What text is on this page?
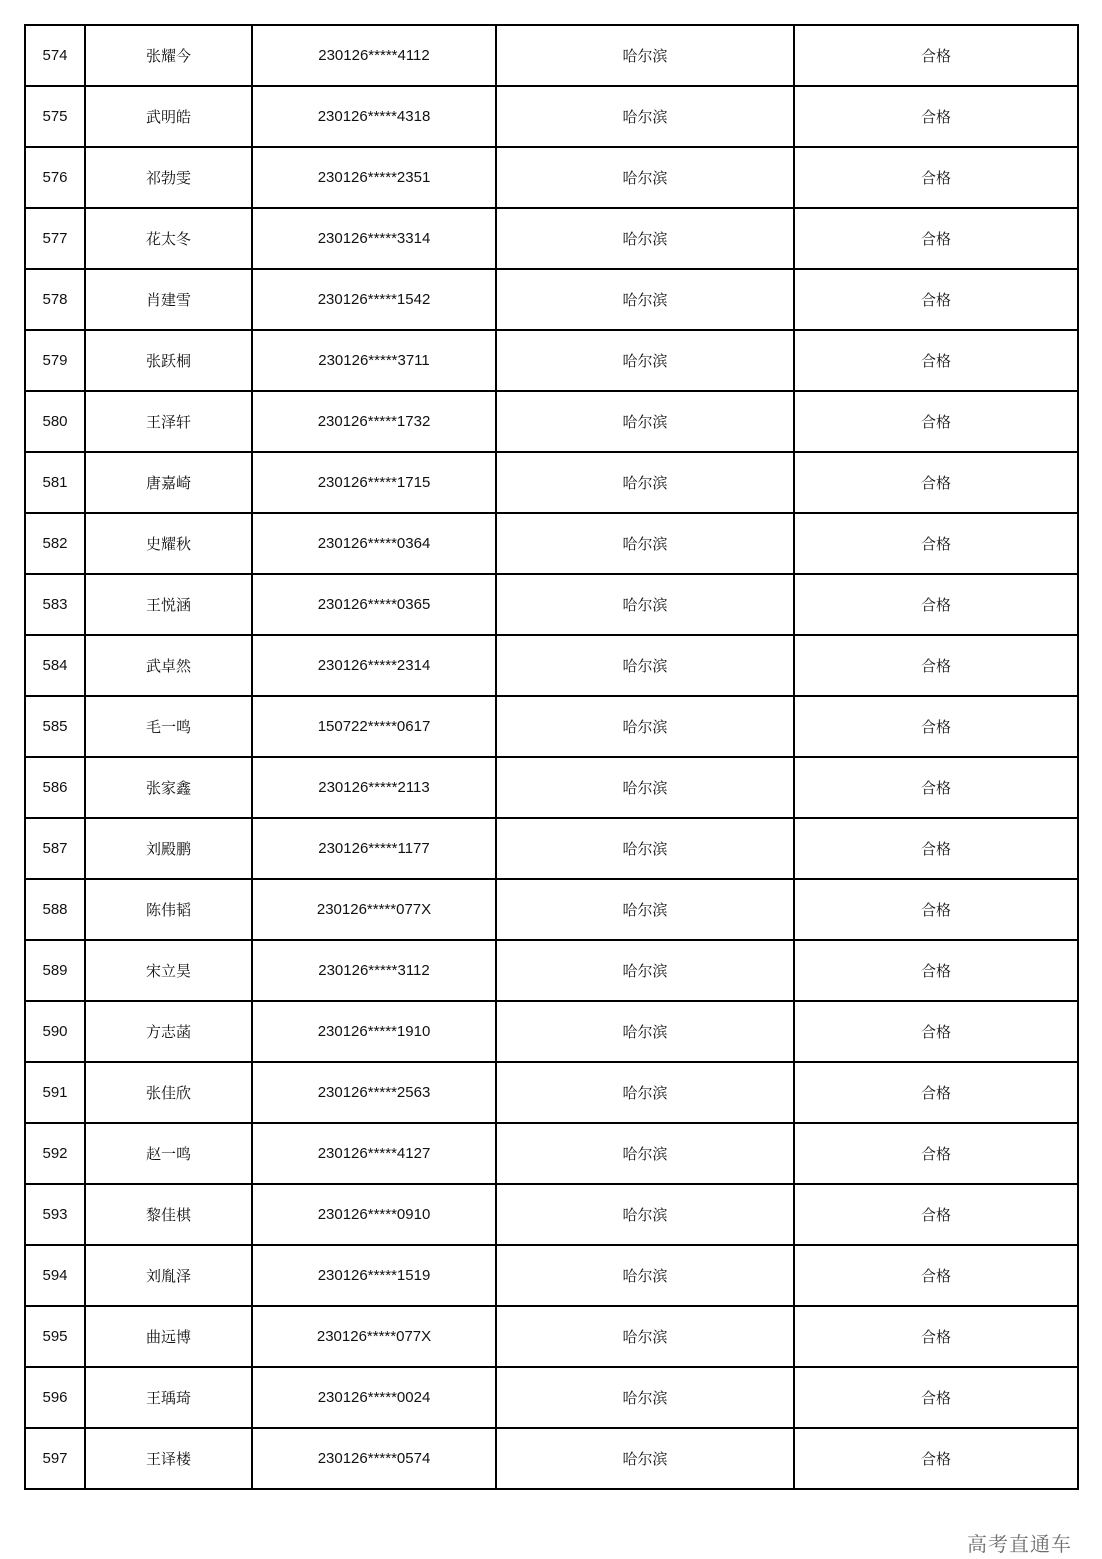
574	张耀今	230126*****4112	哈尔滨	合格
575	武明皓	230126*****4318	哈尔滨	合格
576	祁勃雯	230126*****2351	哈尔滨	合格
577	花太冬	230126*****3314	哈尔滨	合格
578	肖建雪	230126*****1542	哈尔滨	合格
579	张跃桐	230126*****3711	哈尔滨	合格
580	王泽轩	230126*****1732	哈尔滨	合格
581	唐嘉崎	230126*****1715	哈尔滨	合格
582	史耀秋	230126*****0364	哈尔滨	合格
583	王悦涵	230126*****0365	哈尔滨	合格
584	武卓然	230126*****2314	哈尔滨	合格
585	毛一鸣	150722*****0617	哈尔滨	合格
586	张家鑫	230126*****2113	哈尔滨	合格
587	刘殿鹏	230126*****1177	哈尔滨	合格
588	陈伟韬	230126*****077X	哈尔滨	合格
589	宋立昊	230126*****3112	哈尔滨	合格
590	方志菡	230126*****1910	哈尔滨	合格
591	张佳欣	230126*****2563	哈尔滨	合格
592	赵一鸣	230126*****4127	哈尔滨	合格
593	黎佳棋	230126*****0910	哈尔滨	合格
594	刘胤泽	230126*****1519	哈尔滨	合格
595	曲远博	230126*****077X	哈尔滨	合格
596	王瑀琦	230126*****0024	哈尔滨	合格
597	王译楼	230126*****0574	哈尔滨	合格
高考直通车
